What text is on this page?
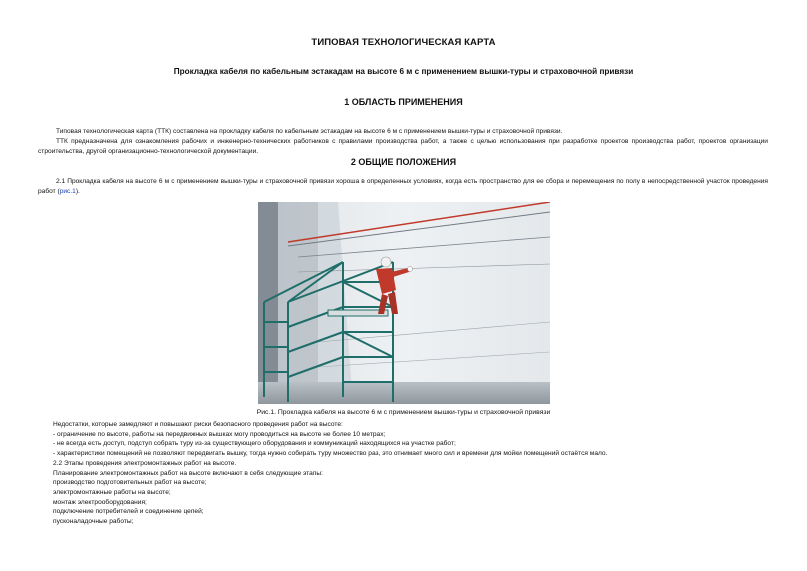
ТИПОВАЯ ТЕХНОЛОГИЧЕСКАЯ КАРТА
Прокладка кабеля по кабельным эстакадам на высоте 6 м с применением вышки-туры и страховочной привязи
1 ОБЛАСТЬ ПРИМЕНЕНИЯ
Типовая технологическая карта (ТТК) составлена на прокладку кабеля по кабельным эстакадам на высоте 6 м с применением вышки-туры и страховочной привязи.
ТТК предназначена для ознакомления рабочих и инженерно-технических работников с правилами производства работ, а также с целью использования при разработке проектов производства работ, проектов организации строительства, другой организационно-технологической документации.
2 ОБЩИЕ ПОЛОЖЕНИЯ
2.1 Прокладка кабеля на высоте 6 м с применением вышки-туры и страховочной привязи хороша в определенных условиях, когда есть пространство для ее сбора и перемещения по полу в непосредственной участок проведения работ (рис.1).
Рис.1. Прокладка кабеля на высоте 6 м с применением вышки-туры и страховочной привязи
Недостатки, которые замедляют и повышают риски безопасного проведения работ на высоте:
- ограничение по высоте, работы на передвижных вышках могу проводиться на высоте не более 10 метрах;
- не всегда есть доступ, подступ собрать туру из-за существующего оборудования и коммуникаций находящихся на участке работ;
- характеристики помещений не позволяют передвигать вышку, тогда нужно собирать туру множество раз, это отнимает много сил и времени для мойки помещений остаётся мало.
2.2 Этапы проведения электромонтажных работ на высоте.
Планирование электромонтажных работ на высоте включают в себя следующие этапы:
производство подготовительных работ на высоте;
электромонтажные работы на высоте;
монтаж электрооборудования;
подключение потребителей и соединение цепей;
пусконаладочные работы;
